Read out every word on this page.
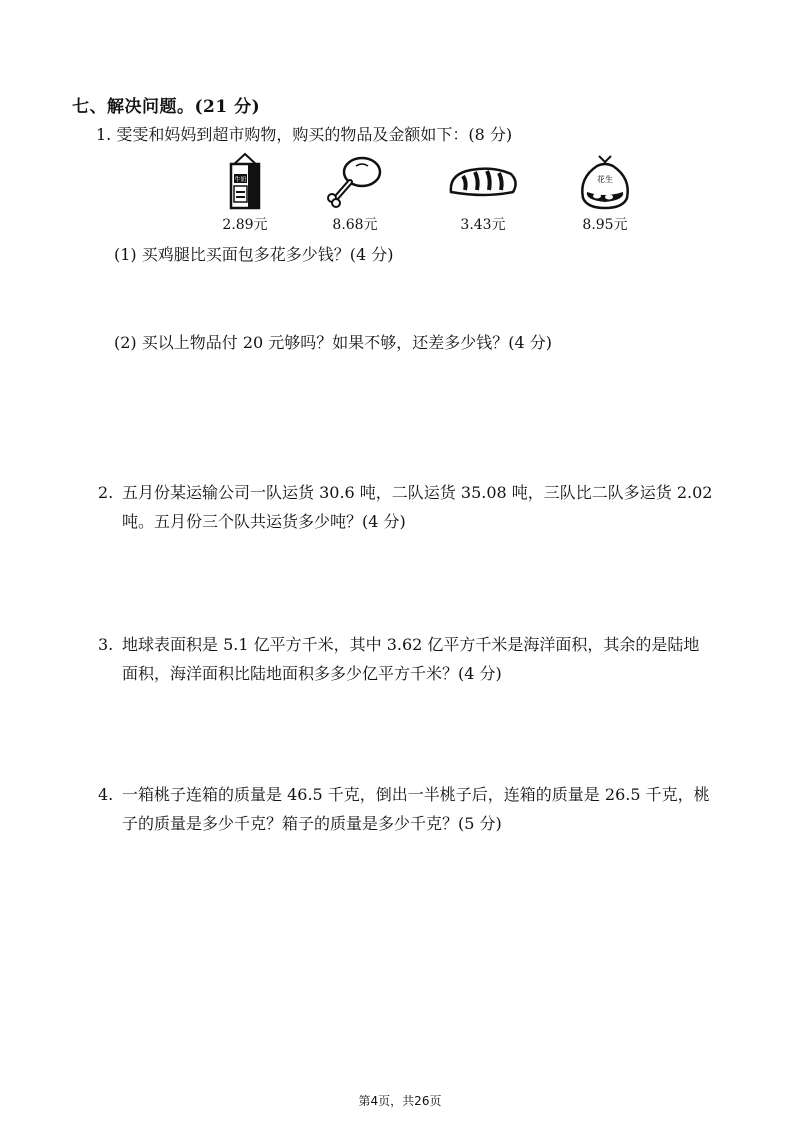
七、解决问题。(21 分)
1. 雯雯和妈妈到超市购物，购买的物品及金额如下：(8 分)
牛奶
2.89元	8.68元	3.43元
花生
8.95元
(1) 买鸡腿比买面包多花多少钱？(4 分)
(2) 买以上物品付 20 元够吗？如果不够，还差多少钱？(4 分)
2. 五月份某运输公司一队运货 30.6 吨，二队运货 35.08 吨，三队比二队多运货 2.02
吨。五月份三个队共运货多少吨？(4 分)
3. 地球表面积是 5.1 亿平方千米，其中 3.62 亿平方千米是海洋面积，其余的是陆地
面积，海洋面积比陆地面积多多少亿平方千米？(4 分)
4. 一箱桃子连箱的质量是 46.5 千克，倒出一半桃子后，连箱的质量是 26.5 千克，桃
子的质量是多少千克？箱子的质量是多少千克？(5 分)
第4页，共26页
